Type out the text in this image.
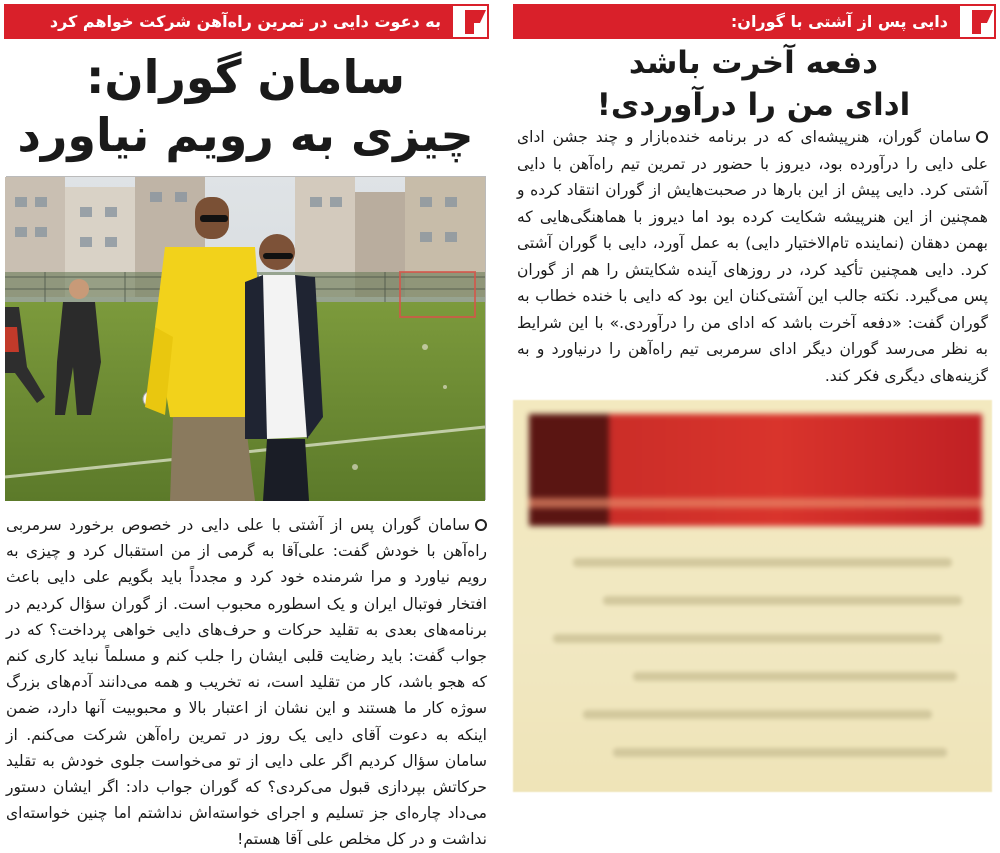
دایی پس از آشتی با گوران:
دفعه آخرت باشد
ادای من را درآوردی!

سامان گوران، هنرپیشه‌ای که در برنامه خنده‌بازار و چند جشن ادای علی دایی را درآورده بود، دیروز با حضور در تمرین تیم راه‌آهن با دایی آشتی کرد. دایی پیش از این بارها در صحبت‌هایش از گوران انتقاد کرده و همچنین از این هنرپیشه شکایت کرده بود اما دیروز با هماهنگی‌هایی که بهمن دهقان (نماینده تام‌الاختیار دایی) به عمل آورد، دایی با گوران آشتی کرد. دایی همچنین تأکید کرد، در روزهای آینده شکایتش را هم از گوران پس می‌گیرد. نکته جالب این آشتی‌کنان این بود که دایی با خنده خطاب به گوران گفت: «دفعه آخرت باشد که ادای من را درآوردی.» با این شرایط به نظر می‌رسد گوران دیگر ادای سرمربی تیم راه‌آهن را درنیاورد و به گزینه‌های دیگری فکر کند.

به دعوت دایی در تمرین راه‌آهن شرکت خواهم کرد
سامان گوران:
چیزی به رویم نیاورد

سامان گوران پس از آشتی با علی دایی در خصوص برخورد سرمربی راه‌آهن با خودش گفت: علی‌آقا به گرمی از من استقبال کرد و چیزی به رویم نیاورد و مرا شرمنده خود کرد و مجدداً باید بگویم علی دایی باعث افتخار فوتبال ایران و یک اسطوره محبوب است. از گوران سؤال کردیم در برنامه‌های بعدی به تقلید حرکات و حرف‌های دایی خواهی پرداخت؟ که در جواب گفت: باید رضایت قلبی ایشان را جلب کنم و مسلماً نباید کاری کنم که هجو باشد، کار من تقلید است، نه تخریب و همه می‌دانند آدم‌های بزرگ سوژه کار ما هستند و این نشان از اعتبار بالا و محبوبیت آنها دارد، ضمن اینکه به دعوت آقای دایی یک روز در تمرین راه‌آهن شرکت می‌کنم. از سامان سؤال کردیم اگر علی دایی از تو می‌خواست جلوی خودش به تقلید حرکاتش بپردازی قبول می‌کردی؟ که گوران جواب داد: اگر ایشان دستور می‌داد چاره‌ای جز تسلیم و اجرای خواسته‌اش نداشتم اما چنین خواسته‌ای نداشت و در کل مخلص علی آقا هستم!
